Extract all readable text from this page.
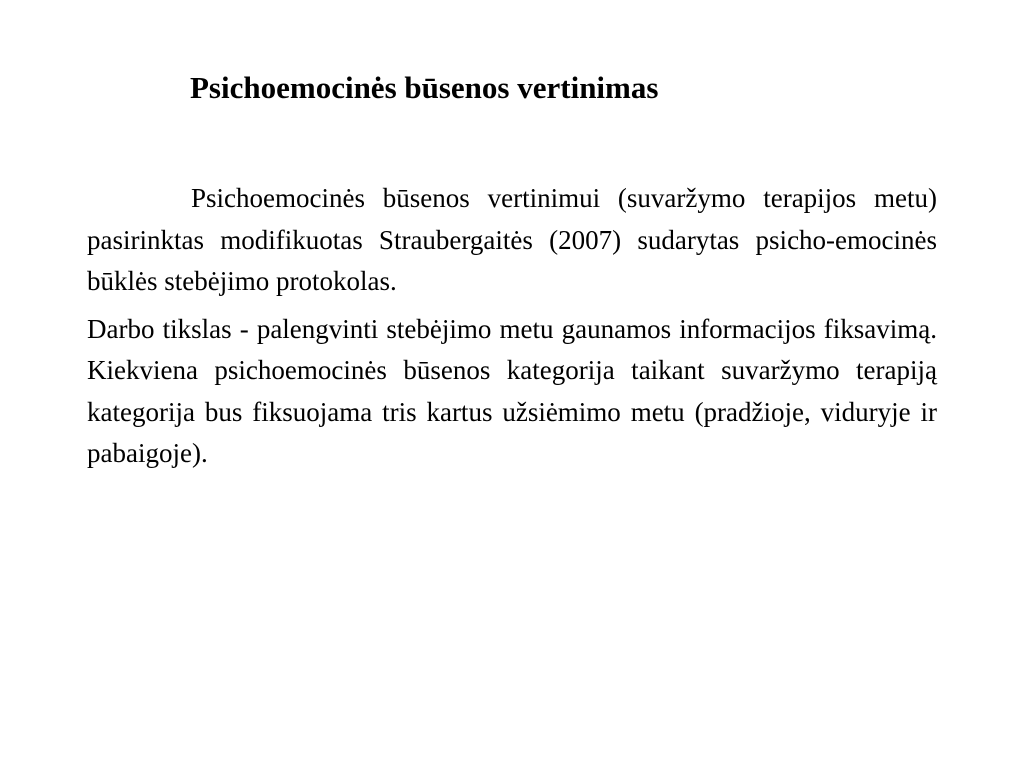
Psichoemocinės būsenos vertinimas

Psichoemocinės būsenos vertinimui (suvaržymo terapijos metu) pasirinktas modifikuotas Straubergaitės (2007) sudarytas psicho-emocinės būklės stebėjimo protokolas.

Darbo tikslas - palengvinti stebėjimo metu gaunamos informacijos fiksavimą. Kiekviena psichoemocinės būsenos kategorija taikant suvaržymo terapiją kategorija bus fiksuojama tris kartus užsiėmimo metu (pradžioje, viduryje ir pabaigoje).
